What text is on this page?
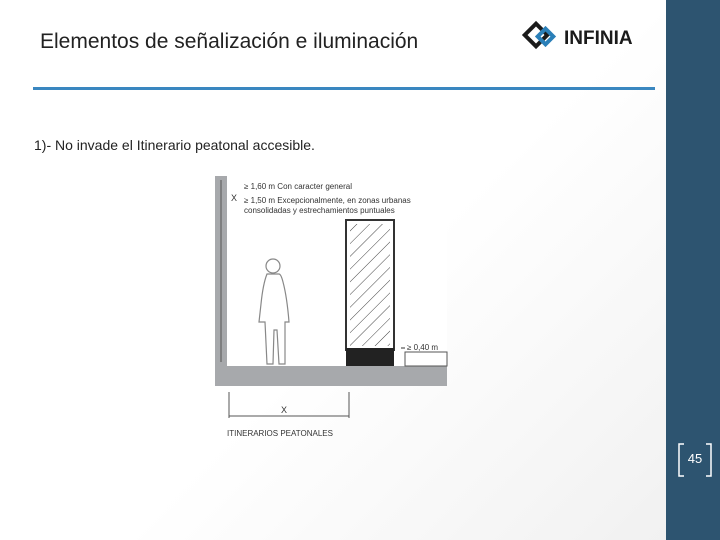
Elementos de señalización e iluminación	INFINIA
1)- No invade el Itinerario peatonal accesible.
X
≥ 1,60 m Con caracter general
≥ 1,50 m Excepcionalmente, en zonas urbanas
consolidadas y estrechamientos puntuales
≥ 0,40 m
X
ITINERARIOS PEATONALES
45
